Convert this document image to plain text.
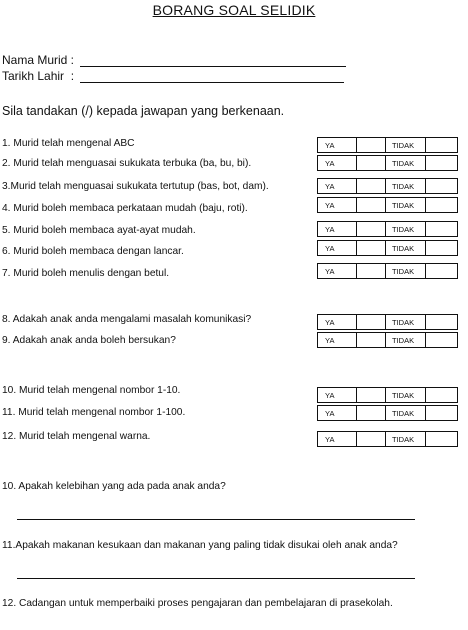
BORANG SOAL SELIDIK
Nama Murid :
Tarikh Lahir  :
Sila tandakan (/) kepada jawapan yang berkenaan.
1. Murid telah mengenal ABC	YA	TIDAK
2. Murid telah menguasai sukukata terbuka (ba, bu, bi).	YA	TIDAK
3.Murid telah menguasai sukukata tertutup (bas, bot, dam).	YA	TIDAK
4. Murid boleh membaca perkataan mudah (baju, roti).	YA	TIDAK
5. Murid boleh membaca ayat-ayat mudah.	YA	TIDAK
6. Murid boleh membaca dengan lancar.	YA	TIDAK
7. Murid boleh menulis dengan betul.	YA	TIDAK
8. Adakah anak anda mengalami masalah komunikasi?	YA	TIDAK
9. Adakah anak anda boleh bersukan?	YA	TIDAK
10. Murid telah mengenal nombor 1-10.	YA	TIDAK
11. Murid telah mengenal nombor 1-100.	YA	TIDAK
12. Murid telah mengenal warna.	YA	TIDAK
10. Apakah kelebihan yang ada pada anak anda?
11.Apakah makanan kesukaan dan makanan yang paling tidak disukai oleh anak anda?
12. Cadangan untuk memperbaiki proses pengajaran dan pembelajaran di prasekolah.
